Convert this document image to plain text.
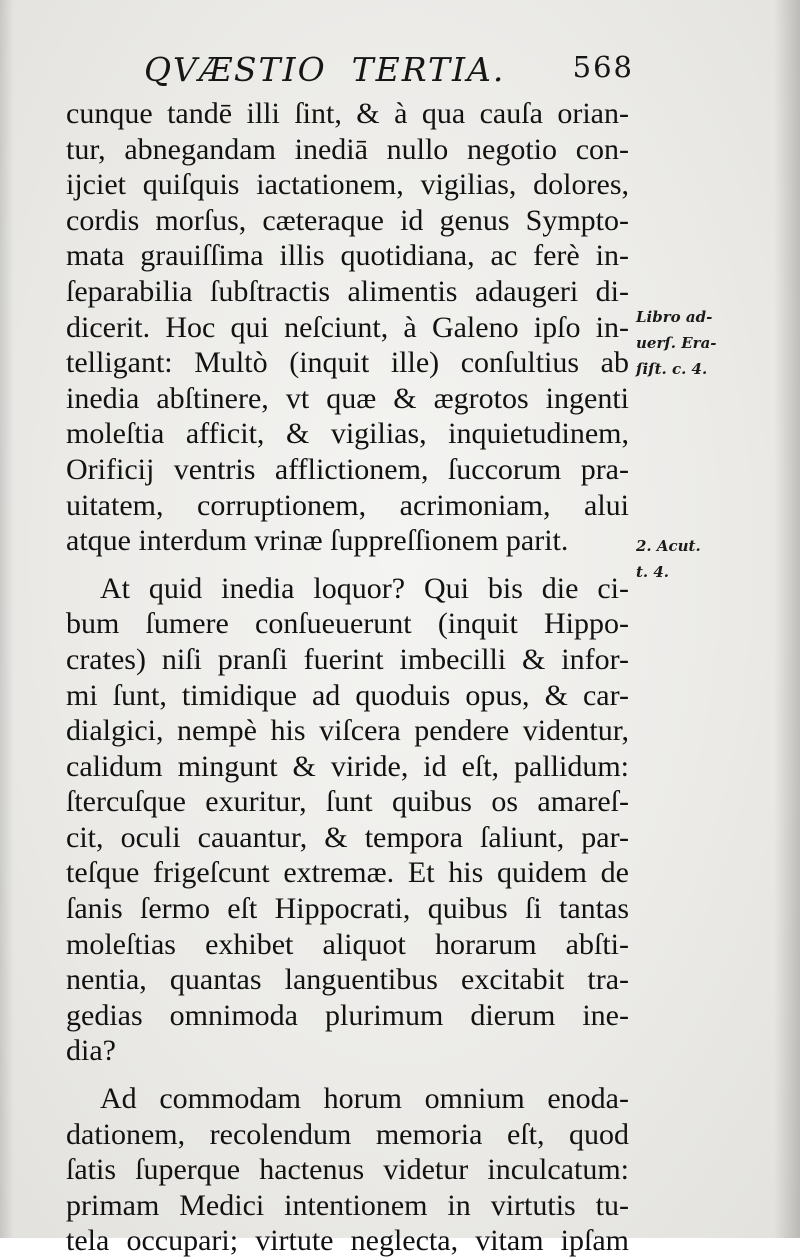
QVÆSTIO  TERTIA. 568
cunque tandē illi ſint, & à qua cauſa orian-
tur, abnegandam inediā nullo negotio con-
ijciet quiſquis iactationem, vigilias, dolores,
cordis morſus, cæteraque id genus Sympto-
mata grauiſſima illis quotidiana, ac ferè in-
ſeparabilia ſubſtractis alimentis adaugeri di-
dicerit. Hoc qui neſciunt, à Galeno ipſo in-
telligant: Multò (inquit ille) conſultius ab
inedia abſtinere, vt quæ & ægrotos ingenti
moleſtia afficit, & vigilias, inquietudinem,
Orificij ventris afflictionem, ſuccorum pra-
uitatem, corruptionem, acrimoniam, alui
atque interdum vrinæ ſuppreſſionem parit.
At quid inedia loquor? Qui bis die ci-
bum ſumere conſueuerunt (inquit Hippo-
crates) niſi pranſi fuerint imbecilli & infor-
mi ſunt, timidique ad quoduis opus, & car-
dialgici, nempè his viſcera pendere videntur,
calidum mingunt & viride, id eſt, pallidum:
ſtercuſque exuritur, ſunt quibus os amareſ-
cit, oculi cauantur, & tempora ſaliunt, par-
teſque frigeſcunt extremæ. Et his quidem de
ſanis ſermo eſt Hippocrati, quibus ſi tantas
moleſtias exhibet aliquot horarum abſti-
nentia, quantas languentibus excitabit tra-
gedias omnimoda plurimum dierum ine-
dia?
Ad commodam horum omnium enoda-
dationem, recolendum memoria eſt, quod
ſatis ſuperque hactenus videtur inculcatum:
primam Medici intentionem in virtutis tu-
tela occupari; virtute neglecta, vitam ipſam
Libro ad-
uerſ. Era-
ſiſt. c. 4.
2. Acut.
t. 4.
